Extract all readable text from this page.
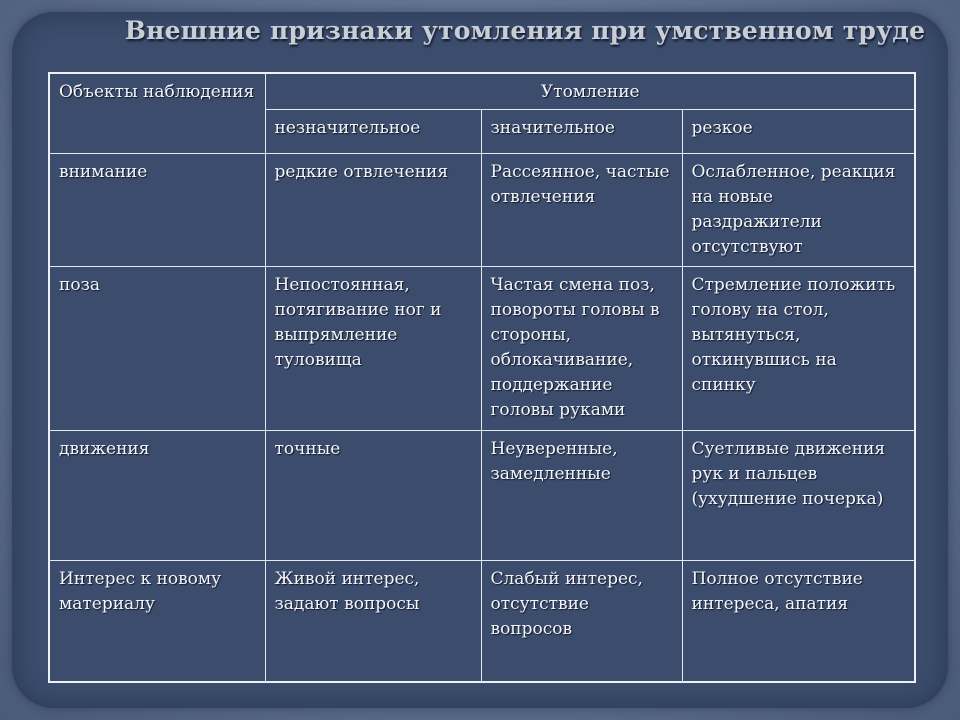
Внешние признаки утомления при умственном труде
Объекты наблюдения	Утомление		
	незначительное	значительное	резкое
внимание	редкие отвлечения	Рассеянное, частые отвлечения	Ослабленное, реакция на новые раздражители отсутствуют
поза	Непостоянная, потягивание ног и выпрямление туловища	Частая смена поз, повороты головы в стороны, облокачивание, поддержание головы руками	Стремление положить голову на стол, вытянуться, откинувшись на спинку
движения	точные	Неуверенные, замедленные	Суетливые движения рук и пальцев (ухудшение почерка)
Интерес к новому материалу	Живой интерес, задают вопросы	Слабый интерес, отсутствие вопросов	Полное отсутствие интереса, апатия
